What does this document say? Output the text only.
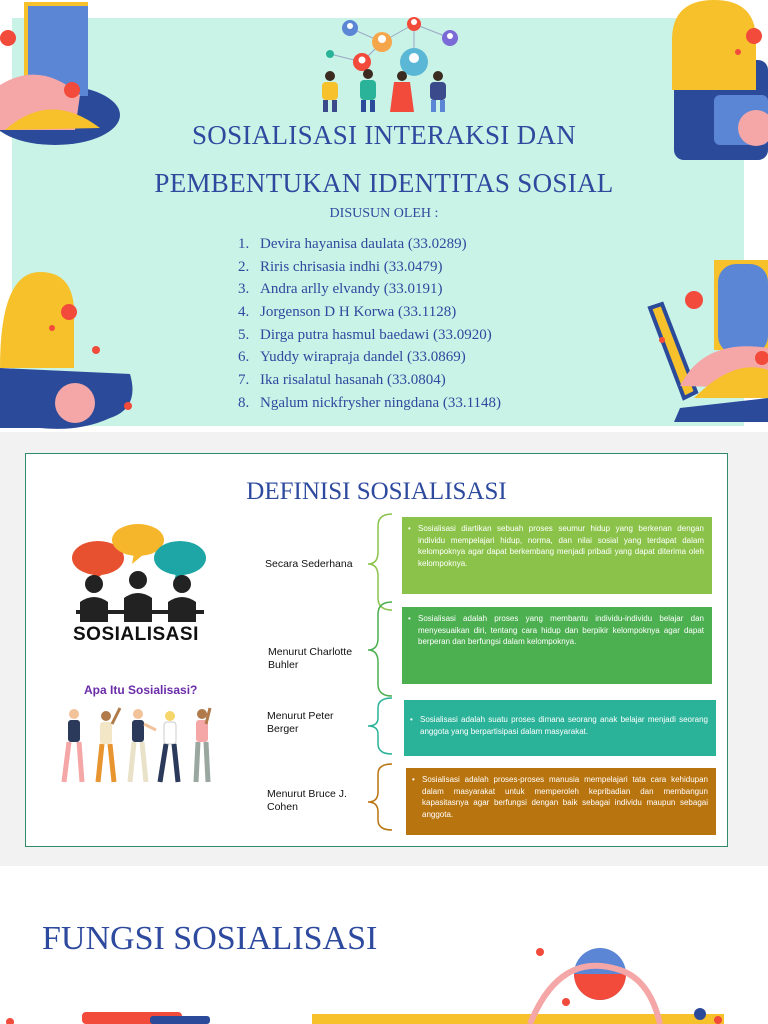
SOSIALISASI INTERAKSI DAN
PEMBENTUKAN IDENTITAS SOSIAL
DISUSUN OLEH :
1. Devira hayanisa daulata (33.0289)
2. Riris chrisasia indhi (33.0479)
3. Andra arlly elvandy (33.0191)
4. Jorgenson D H Korwa (33.1128)
5. Dirga putra hasmul baedawi (33.0920)
6. Yuddy wirapraja dandel (33.0869)
7. Ika risalatul hasanah (33.0804)
8. Ngalum nickfrysher ningdana (33.1148)
DEFINISI SOSIALISASI
SOSIALISASI
Apa Itu Sosialisasi?
Secara Sederhana
Menurut Charlotte Buhler
Menurut Peter Berger
Menurut Bruce J. Cohen
• Sosialisasi diartikan sebuah proses seumur hidup yang berkenan dengan individu mempelajari hidup, norma, dan nilai sosial yang terdapat dalam kelompoknya agar dapat berkembang menjadi pribadi yang dapat diterima oleh kelompoknya.
• Sosialisasi adalah proses yang membantu individu-individu belajar dan menyesuaikan diri, tentang cara hidup dan berpikir kelompoknya agar dapat berperan dan berfungsi dalam kelompoknya.
• Sosialisasi adalah suatu proses dimana seorang anak belajar menjadi seorang anggota yang berpartisipasi dalam masyarakat.
• Sosialisasi adalah proses-proses manusia mempelajari tata cara kehidupan dalam masyarakat untuk memperoleh kepribadian dan membangun kapasitasnya agar berfungsi dengan baik sebagai individu maupun sebagai anggota.
FUNGSI SOSIALISASI
